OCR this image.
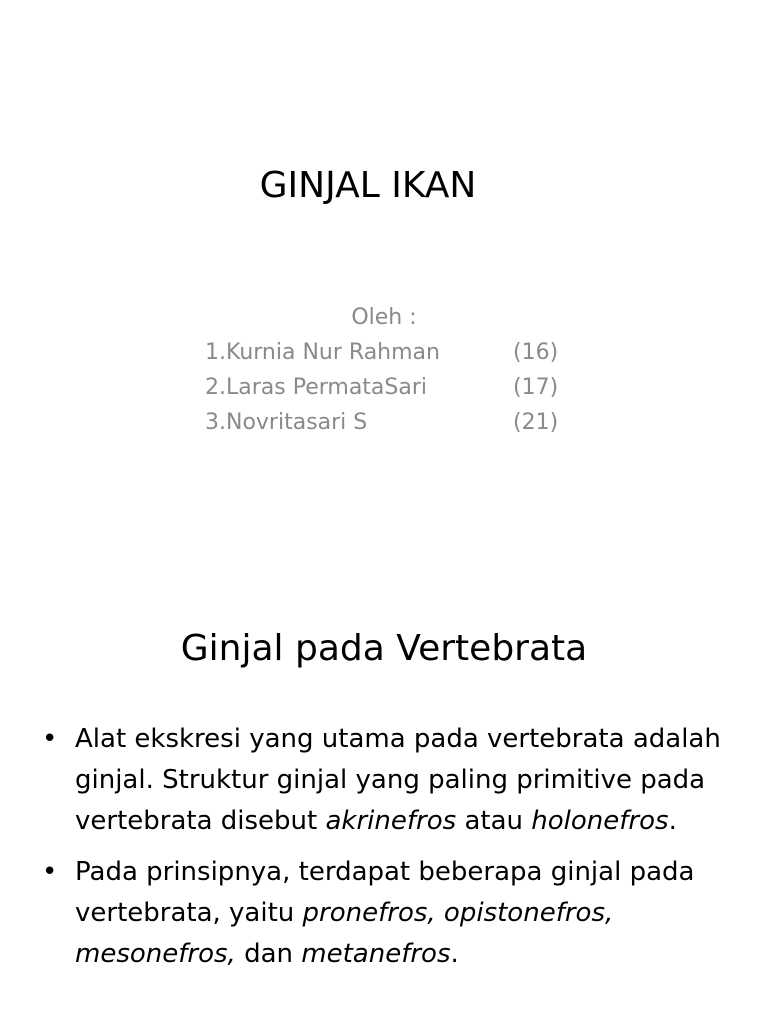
GINJAL IKAN
Oleh :
1.Kurnia Nur Rahman	(16)
2.Laras PermataSari	(17)
3.Novritasari S	(21)
Ginjal pada Vertebrata
• Alat ekskresi yang utama pada vertebrata adalah ginjal. Struktur ginjal yang paling primitive pada vertebrata disebut akrinefros atau holonefros.
• Pada prinsipnya, terdapat beberapa ginjal pada vertebrata, yaitu pronefros, opistonefros, mesonefros, dan metanefros.
